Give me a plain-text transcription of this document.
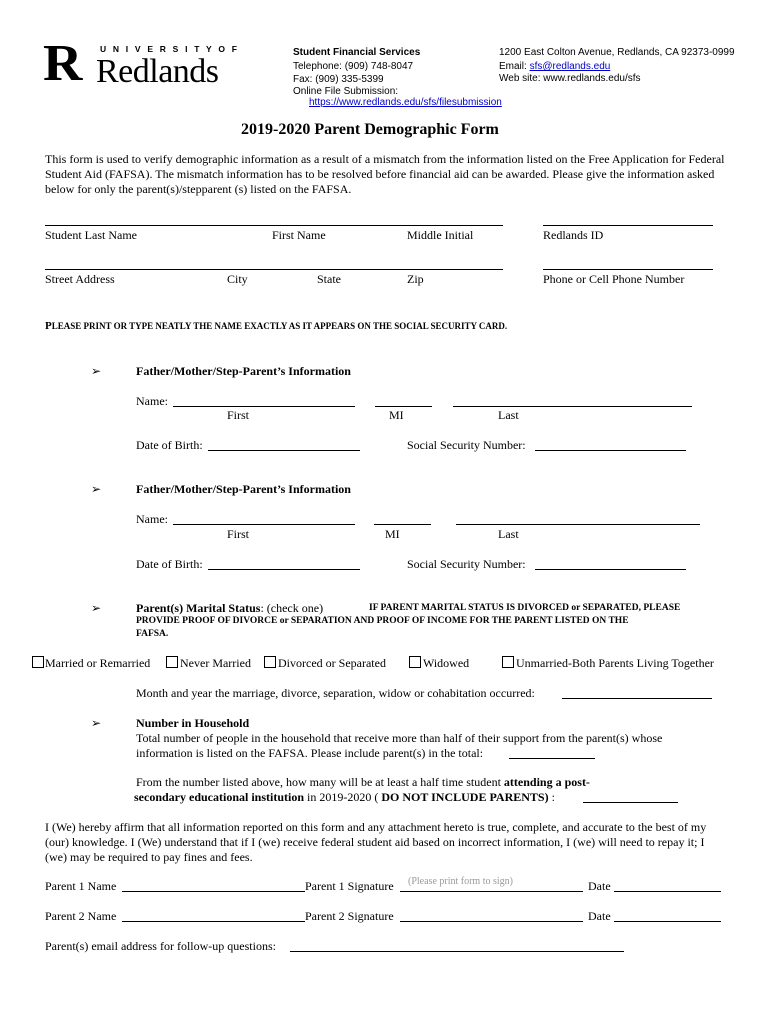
U N I V E R S I T Y O F
R Redlands
Student Financial Services
Telephone: (909) 748-8047
Fax: (909) 335-5399
Online File Submission:
https://www.redlands.edu/sfs/filesubmission
1200 East Colton Avenue, Redlands, CA 92373-0999
Email: sfs@redlands.edu
Web site: www.redlands.edu/sfs
2019-2020 Parent Demographic Form
This form is used to verify demographic information as a result of a mismatch from the information listed on the Free Application for Federal Student Aid (FAFSA). The mismatch information has to be resolved before financial aid can be awarded. Please give the information asked below for only the parent(s)/stepparent (s) listed on the FAFSA.
Student Last Name	First Name	Middle Initial	Redlands ID
Street Address	City	State	Zip	Phone or Cell Phone Number
PLEASE PRINT OR TYPE NEATLY THE NAME EXACTLY AS IT APPEARS ON THE SOCIAL SECURITY CARD.
➢	Father/Mother/Step-Parent’s Information
Name:
First	MI	Last
Date of Birth:	Social Security Number:
➢	Father/Mother/Step-Parent’s Information
Name:
First	MI	Last
Date of Birth:	Social Security Number:
➢	Parent(s) Marital Status: (check one)	IF PARENT MARITAL STATUS IS DIVORCED or SEPARATED, PLEASE
PROVIDE PROOF OF DIVORCE or SEPARATION AND PROOF OF INCOME FOR THE PARENT LISTED ON THE
FAFSA.
Married or Remarried Never Married Divorced or Separated	Widowed	Unmarried-Both Parents Living Together
Month and year the marriage, divorce, separation, widow or cohabitation occurred:
➢	Number in Household
Total number of people in the household that receive more than half of their support from the parent(s) whose
information is listed on the FAFSA. Please include parent(s) in the total:
From the number listed above, how many will be at least a half time student attending a post-
secondary educational institution in 2019-2020 ( DO NOT INCLUDE PARENTS) :
I (We) hereby affirm that all information reported on this form and any attachment hereto is true, complete, and accurate to the best of my (our) knowledge. I (We) understand that if I (we) receive federal student aid based on incorrect information, I (we) will need to repay it; I (we) may be required to pay fines and fees.
Parent 1 Name	Parent 1 Signature (Please print form to sign)	Date
Parent 2 Name	Parent 2 Signature	Date
Parent(s) email address for follow-up questions:
